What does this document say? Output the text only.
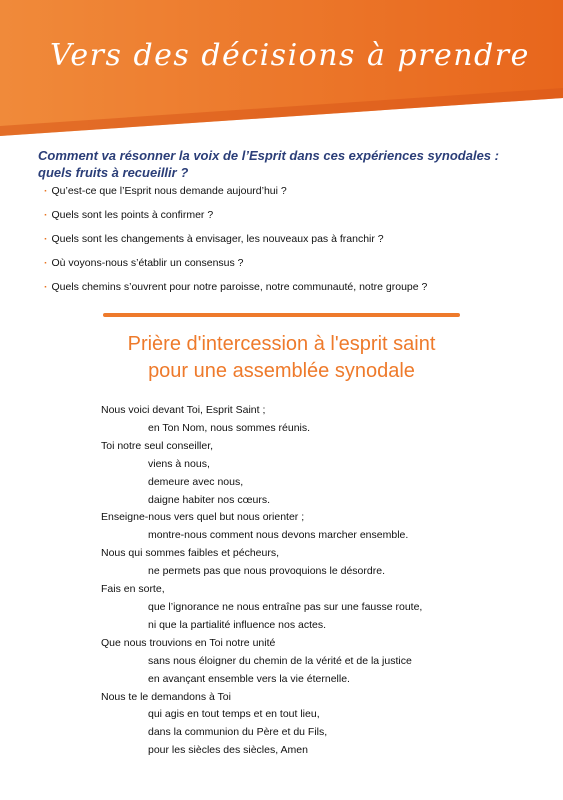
Vers des décisions à prendre
Comment va résonner la voix de l’Esprit dans ces expériences synodales : quels fruits à recueillir ?
· Qu’est-ce que l’Esprit nous demande aujourd’hui ?
· Quels sont les points à confirmer ?
· Quels sont les changements à envisager, les nouveaux pas à franchir ?
· Où voyons-nous s’établir un consensus ?
· Quels chemins s’ouvrent pour notre paroisse, notre communauté, notre groupe ?
Prière d'intercession à l'esprit saint
pour une assemblée synodale
Nous voici devant Toi, Esprit Saint ;
en Ton Nom, nous sommes réunis.
Toi notre seul conseiller,
viens à nous,
demeure avec nous,
daigne habiter nos cœurs.
Enseigne-nous vers quel but nous orienter ;
montre-nous comment nous devons marcher ensemble.
Nous qui sommes faibles et pécheurs,
ne permets pas que nous provoquions le désordre.
Fais en sorte,
que l’ignorance ne nous entraîne pas sur une fausse route,
ni que la partialité influence nos actes.
Que nous trouvions en Toi notre unité
sans nous éloigner du chemin de la vérité et de la justice
en avançant ensemble vers la vie éternelle.
Nous te le demandons à Toi
qui agis en tout temps et en tout lieu,
dans la communion du Père et du Fils,
pour les siècles des siècles, Amen
